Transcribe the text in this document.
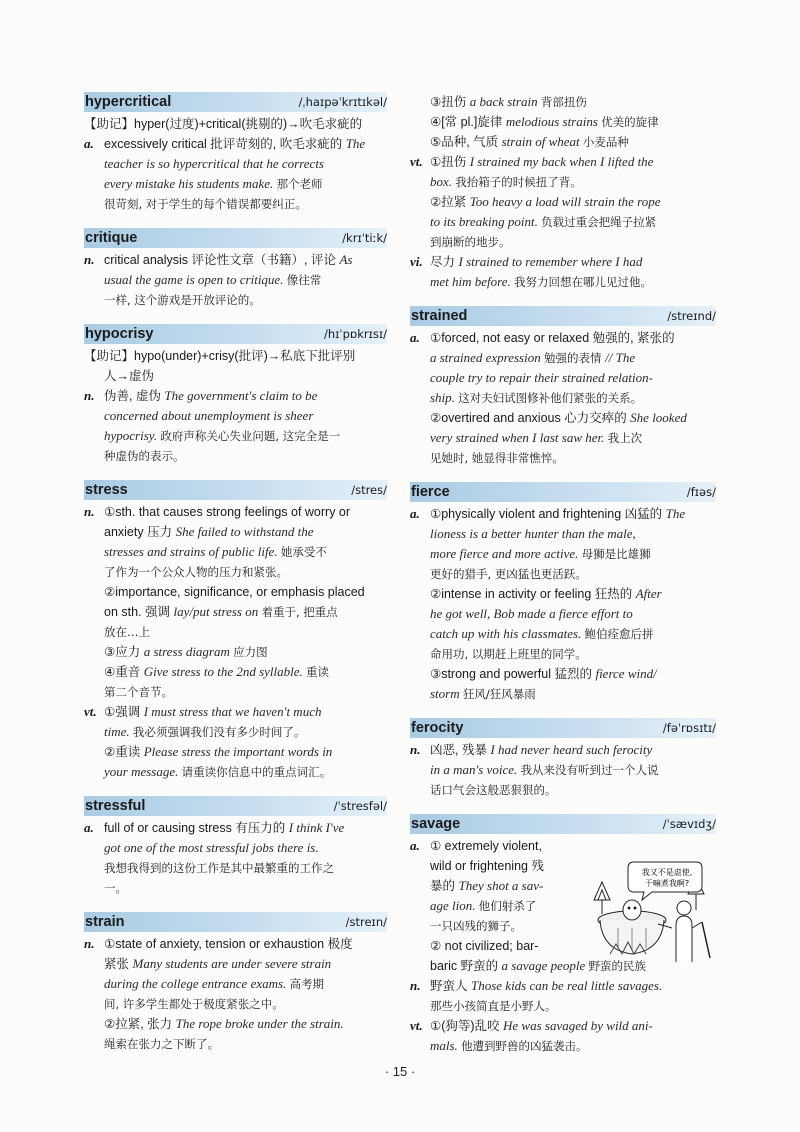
hypercritical	/ˌhaɪpəˈkrɪtɪkəl/
【助记】hyper(过度)+critical(挑剔的)→吹毛求疵的
a. excessively critical 批评苛刻的, 吹毛求疵的 The
teacher is so hypercritical that he corrects
every mistake his students make. 那个老师
很苛刻, 对于学生的每个错误都要纠正。
critique	/krɪˈtiːk/
n. critical analysis 评论性文章（书籍）, 评论 As
usual the game is open to critique. 像往常
一样, 这个游戏是开放评论的。
hypocrisy	/hɪˈpɒkrɪsɪ/
【助记】hypo(under)+crisy(批评)→私底下批评别
人→虚伪
n. 伪善, 虚伪 The government's claim to be
concerned about unemployment is sheer
hypocrisy. 政府声称关心失业问题, 这完全是一
种虚伪的表示。
stress	/stres/
n. ①sth. that causes strong feelings of worry or
anxiety 压力 She failed to withstand the
stresses and strains of public life. 她承受不
了作为一个公众人物的压力和紧张。
②importance, significance, or emphasis placed
on sth. 强调 lay/put stress on 着重于, 把重点
放在…上
③应力 a stress diagram 应力图
④重音 Give stress to the 2nd syllable. 重读
第二个音节。
vt. ①强调 I must stress that we haven't much
time. 我必须强调我们没有多少时间了。
②重读 Please stress the important words in
your message. 请重读你信息中的重点词汇。
stressful	/ˈstresfəl/
a. full of or causing stress 有压力的 I think I've
got one of the most stressful jobs there is.
我想我得到的这份工作是其中最繁重的工作之
一。
strain	/streɪn/
n. ①state of anxiety, tension or exhaustion 极度
紧张 Many students are under severe strain
during the college entrance exams. 高考期
间, 许多学生都处于极度紧张之中。
②拉紧, 张力 The rope broke under the strain.
绳索在张力之下断了。
③扭伤 a back strain 背部扭伤
④[常 pl.]旋律 melodious strains 优美的旋律
⑤品种, 气质 strain of wheat 小麦品种
vt. ①扭伤 I strained my back when I lifted the
box. 我抬箱子的时候扭了背。
②拉紧 Too heavy a load will strain the rope
to its breaking point. 负载过重会把绳子拉紧
到崩断的地步。
vi. 尽力 I strained to remember where I had
met him before. 我努力回想在哪儿见过他。
strained	/streɪnd/
a. ①forced, not easy or relaxed 勉强的, 紧张的
a strained expression 勉强的表情 // The
couple try to repair their strained relation-
ship. 这对夫妇试图修补他们紧张的关系。
②overtired and anxious 心力交瘁的 She looked
very strained when I last saw her. 我上次
见她时, 她显得非常憔悴。
fierce	/fɪəs/
a. ①physically violent and frightening 凶猛的 The
lioness is a better hunter than the male,
more fierce and more active. 母狮是比雄狮
更好的猎手, 更凶猛也更活跃。
②intense in activity or feeling 狂热的 After
he got well, Bob made a fierce effort to
catch up with his classmates. 鲍伯痊愈后拼
命用功, 以期赶上班里的同学。
③strong and powerful 猛烈的 fierce wind/
storm 狂风/狂风暴雨
ferocity	/fəˈrɒsɪtɪ/
n. 凶恶, 残暴 I had never heard such ferocity
in a man's voice. 我从来没有听到过一个人说
话口气会这般恶狠狠的。
savage	/ˈsævɪdʒ/
a. ① extremely violent,
wild or frightening 残
暴的 They shot a sav-
age lion. 他们射杀了
一只凶残的狮子。
② not civilized; bar-
baric 野蛮的 a savage people 野蛮的民族
n. 野蛮人 Those kids can be real little savages.
那些小孩简直是小野人。
vt. ①(狗等)乱咬 He was savaged by wild ani-
mals. 他遭到野兽的凶猛袭击。
我又不是虐使,
干嘛煮我啊?
· 15 ·
